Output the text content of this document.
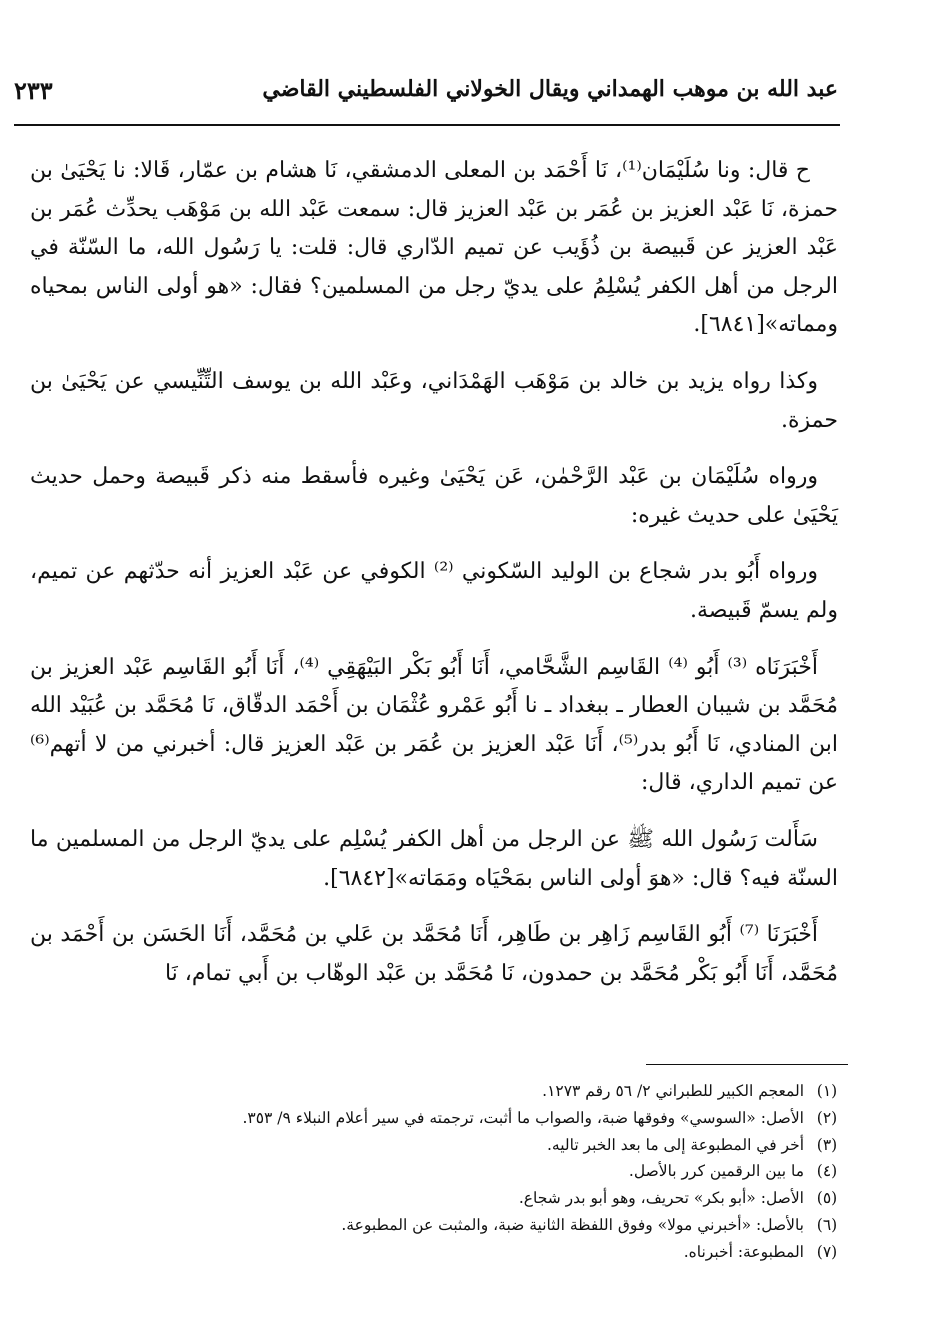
عبد الله بن موهب الهمداني ويقال الخولاني الفلسطيني القاضي
٢٣٣

ح قال: ونا سُلَيْمَان⁽¹⁾، نَا أَحْمَد بن المعلى الدمشقي، نَا هشام بن عمّار، قَالا: نا يَحْيَىٰ بن حمزة، نَا عَبْد العزيز بن عُمَر بن عَبْد العزيز قال: سمعت عَبْد الله بن مَوْهَب يحدِّث عُمَر بن عَبْد العزيز عن قَبيصة بن ذُؤَيب عن تميم الدّاري قال: قلت: يا رَسُول الله، ما السّنّة في الرجل من أهل الكفر يُسْلِمُ على يديّ رجل من المسلمين؟ فقال: «هو أولى الناس بمحياه ومماته»[٦٨٤١].

وكذا رواه يزيد بن خالد بن مَوْهَب الهَمْدَاني، وعَبْد الله بن يوسف التِّنِّيسي عن يَحْيَىٰ بن حمزة.

ورواه سُلَيْمَان بن عَبْد الرَّحْمٰن، عَن يَحْيَىٰ وغيره فأسقط منه ذكر قَبيصة وحمل حديث يَحْيَىٰ على حديث غيره:

ورواه أَبُو بدر شجاع بن الوليد السّكوني ⁽²⁾ الكوفي عن عَبْد العزيز أنه حدّثهم عن تميم، ولم يسمّ قَبيصة.

أَخْبَرَنَاه ⁽³⁾ أَبُو ⁽⁴⁾ القَاسِم الشَّحَّامي، أَنَا أَبُو بَكْر البَيْهَقِي ⁽⁴⁾، أَنَا أَبُو القَاسِم عَبْد العزيز بن مُحَمَّد بن شيبان العطار ـ ببغداد ـ نا أَبُو عَمْرو عُثْمَان بن أَحْمَد الدقّاق، نَا مُحَمَّد بن عُبَيْد الله ابن المنادي، نَا أَبُو بدر⁽⁵⁾، أَنَا عَبْد العزيز بن عُمَر بن عَبْد العزيز قال: أخبرني من لا أتهم⁽⁶⁾ عن تميم الداري، قال:

سَأَلت رَسُول الله ﷺ عن الرجل من أهل الكفر يُسْلِم على يديّ الرجل من المسلمين ما السنّة فيه؟ قال: «هوَ أولى الناس بمَحْيَاه ومَمَاته»[٦٨٤٢].

أَخْبَرَنَا ⁽⁷⁾ أَبُو القَاسِم زَاهِر بن طَاهِر، أَنَا مُحَمَّد بن عَلي بن مُحَمَّد، أَنَا الحَسَن بن أَحْمَد بن مُحَمَّد، أَنَا أَبُو بَكْر مُحَمَّد بن حمدون، نَا مُحَمَّد بن عَبْد الوهّاب بن أَبي تمام، نَا

(١)
المعجم الكبير للطبراني ٢/ ٥٦ رقم ١٢٧٣.
(٢)
الأصل: «السوسي» وفوقها ضبة، والصواب ما أثبت، ترجمته في سير أعلام النبلاء ٩/ ٣٥٣.
(٣)
أخر في المطبوعة إلى ما بعد الخبر تاليه.
(٤)
ما بين الرقمين كرر بالأصل.
(٥)
الأصل: «أبو بكر» تحريف، وهو أبو بدر شجاع.
(٦)
بالأصل: «أخبرني مولا» وفوق اللفظة الثانية ضبة، والمثبت عن المطبوعة.
(٧)
المطبوعة: أخبرناه.
